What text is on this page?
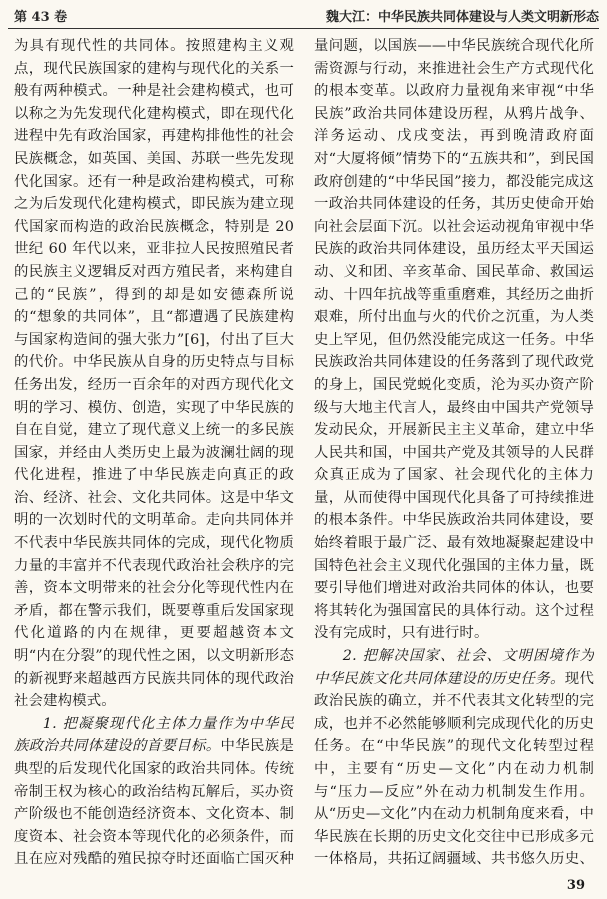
第 43 卷	魏大江：中华民族共同体建设与人类文明新形态

为具有现代性的共同体。按照建构主义观点，现代民族国家的建构与现代化的关系一般有两种模式。一种是社会建构模式，也可以称之为先发现代化建构模式，即在现代化进程中先有政治国家，再建构排他性的社会民族概念，如英国、美国、苏联一些先发现代化国家。还有一种是政治建构模式，可称之为后发现代化建构模式，即民族为建立现代国家而构造的政治民族概念，特别是 20 世纪 60 年代以来，亚非拉人民按照殖民者的民族主义逻辑反对西方殖民者，来构建自己的“民族”，得到的却是如安德森所说的“想象的共同体”，且“都遭遇了民族建构与国家构造间的强大张力”[6]，付出了巨大的代价。中华民族从自身的历史特点与目标任务出发，经历一百余年的对西方现代化文明的学习、模仿、创造，实现了中华民族的自在自觉，建立了现代意义上统一的多民族国家，并经由人类历史上最为波澜壮阔的现代化进程，推进了中华民族走向真正的政治、经济、社会、文化共同体。这是中华文明的一次划时代的文明革命。走向共同体并不代表中华民族共同体的完成，现代化物质力量的丰富并不代表现代政治社会秩序的完善，资本文明带来的社会分化等现代性内在矛盾，都在警示我们，既要尊重后发国家现代化道路的内在规律，更要超越资本文明“内在分裂”的现代性之困，以文明新形态的新视野来超越西方民族共同体的现代政治社会建构模式。

1. 把凝聚现代化主体力量作为中华民族政治共同体建设的首要目标。中华民族是典型的后发现代化国家的政治共同体。传统帝制王权为核心的政治结构瓦解后，买办资产阶级也不能创造经济资本、文化资本、制度资本、社会资本等现代化的必须条件，而且在应对残酷的殖民掠夺时还面临亡国灭种

量问题，以国族——中华民族统合现代化所需资源与行动，来推进社会生产方式现代化的根本变革。以政府力量视角来审视“中华民族”政治共同体建设历程，从鸦片战争、洋务运动、戊戌变法，再到晚清政府面对“大厦将倾”情势下的“五族共和”，到民国政府创建的“中华民国”接力，都没能完成这一政治共同体建设的任务，其历史使命开始向社会层面下沉。以社会运动视角审视中华民族的政治共同体建设，虽历经太平天国运动、义和团、辛亥革命、国民革命、救国运动、十四年抗战等重重磨难，其经历之曲折艰难，所付出血与火的代价之沉重，为人类史上罕见，但仍然没能完成这一任务。中华民族政治共同体建设的任务落到了现代政党的身上，国民党蜕化变质，沦为买办资产阶级与大地主代言人，最终由中国共产党领导发动民众，开展新民主主义革命，建立中华人民共和国，中国共产党及其领导的人民群众真正成为了国家、社会现代化的主体力量，从而使得中国现代化具备了可持续推进的根本条件。中华民族政治共同体建设，要始终着眼于最广泛、最有效地凝聚起建设中国特色社会主义现代化强国的主体力量，既要引导他们增进对政治共同体的体认，也要将其转化为强国富民的具体行动。这个过程没有完成时，只有进行时。

2. 把解决国家、社会、文明困境作为中华民族文化共同体建设的历史任务。现代政治民族的确立，并不代表其文化转型的完成，也并不必然能够顺利完成现代化的历史任务。在“中华民族”的现代文化转型过程中，主要有“历史—文化”内在动力机制与“压力—反应”外在动力机制发生作用。从“历史—文化”内在动力机制角度来看，中华民族在长期的历史文化交往中已形成多元一体格局，共拓辽阔疆域、共书悠久历史、

39
